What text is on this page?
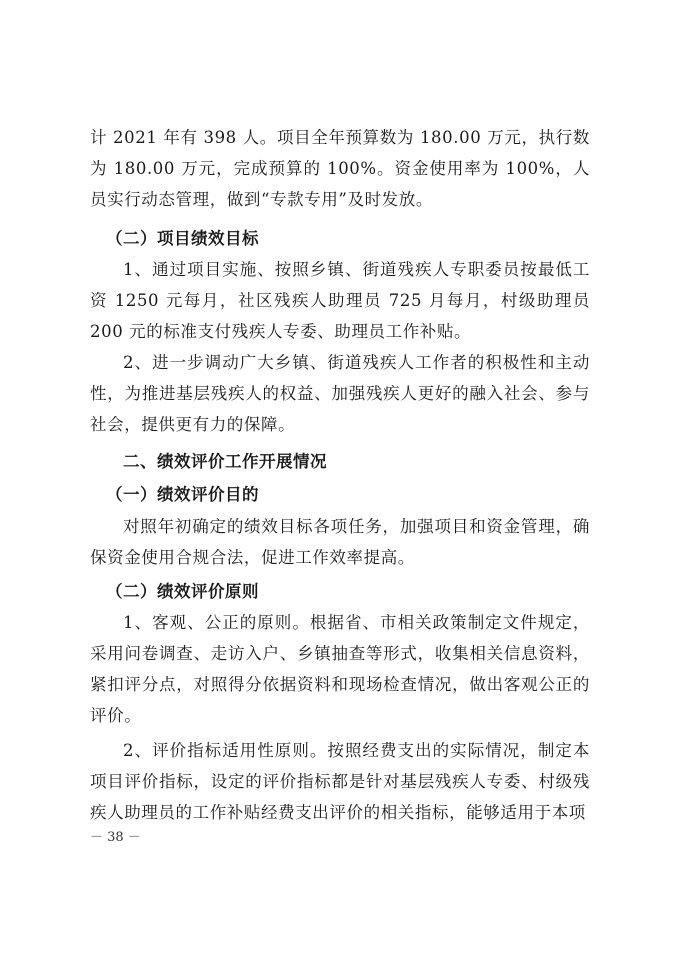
计 2021 年有 398 人。项目全年预算数为 180.00 万元，执行数为 180.00 万元，完成预算的 100%。资金使用率为 100%，人员实行动态管理，做到“专款专用”及时发放。

（二）项目绩效目标

1、通过项目实施、按照乡镇、街道残疾人专职委员按最低工资 1250 元每月，社区残疾人助理员 725 月每月，村级助理员 200 元的标准支付残疾人专委、助理员工作补贴。

2、进一步调动广大乡镇、街道残疾人工作者的积极性和主动性，为推进基层残疾人的权益、加强残疾人更好的融入社会、参与社会，提供更有力的保障。

二、绩效评价工作开展情况

（一）绩效评价目的

对照年初确定的绩效目标各项任务，加强项目和资金管理，确保资金使用合规合法，促进工作效率提高。

（二）绩效评价原则

1、客观、公正的原则。根据省、市相关政策制定文件规定，采用问卷调查、走访入户、乡镇抽查等形式，收集相关信息资料，紧扣评分点，对照得分依据资料和现场检查情况，做出客观公正的评价。

2、评价指标适用性原则。按照经费支出的实际情况，制定本项目评价指标，设定的评价指标都是针对基层残疾人专委、村级残疾人助理员的工作补贴经费支出评价的相关指标，能够适用于本项

－ 38 －
